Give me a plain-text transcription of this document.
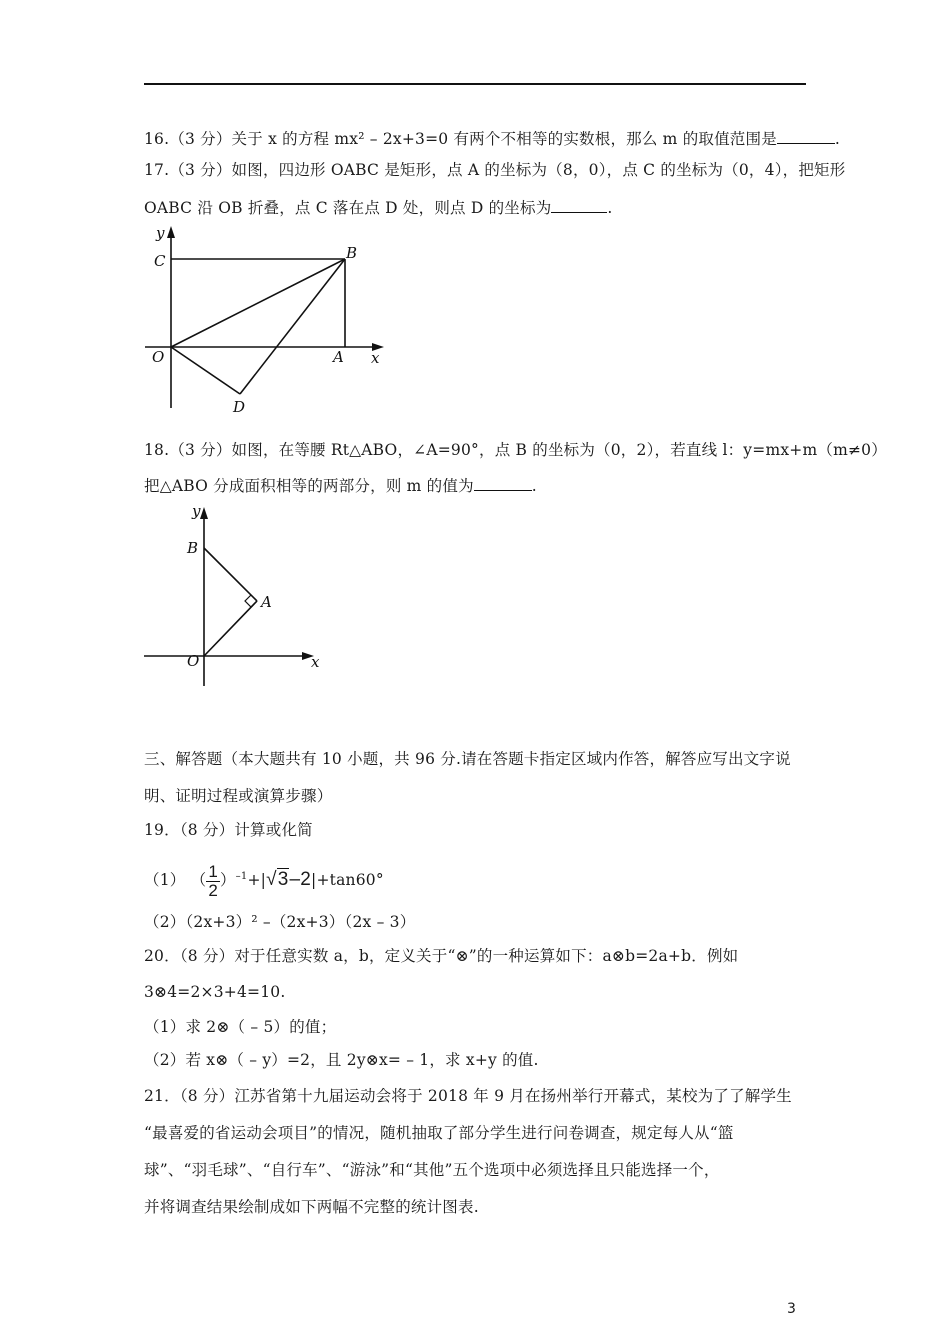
16.（3 分）关于 x 的方程 mx² – 2x+3=0 有两个不相等的实数根，那么 m 的取值范围是	.
17.（3 分）如图，四边形 OABC 是矩形，点 A 的坐标为（8，0），点 C 的坐标为（0，4），把矩形
OABC 沿 OB 折叠，点 C 落在点 D 处，则点 D 的坐标为	.
y
C	B
O	A x
D
18.（3 分）如图，在等腰 Rt△ABO，∠A=90°，点 B 的坐标为（0，2），若直线 l：y=mx+m（m≠0）
把△ABO 分成面积相等的两部分，则 m 的值为	.
y
B
A
O	x
三、解答题（本大题共有 10 小题，共 96 分.请在答题卡指定区域内作答，解答应写出文字说
明、证明过程或演算步骤）
19．（8 分）计算或化简
（1） （ $\frac{1}{2} )^{-1}+|√3-2|+\tan 60^\circ$
（2）（2x+3）² –（2x+3）（2x – 3）
20．（8 分）对于任意实数 a，b，定义关于“⊗”的一种运算如下：a⊗b=2a+b．例如
3⊗4=2×3+4=10.
（1）求 2⊗（ – 5）的值；
（2）若 x⊗（ – y）=2，且 2y⊗x= – 1，求 x+y 的值.
21．（8 分）江苏省第十九届运动会将于 2018 年 9 月在扬州举行开幕式，某校为了了解学生
“最喜爱的省运动会项目”的情况，随机抽取了部分学生进行问卷调查，规定每人从“篮
球”、“羽毛球”、“自行车”、“游泳”和“其他”五个选项中必须选择且只能选择一个，
并将调查结果绘制成如下两幅不完整的统计图表.
3
